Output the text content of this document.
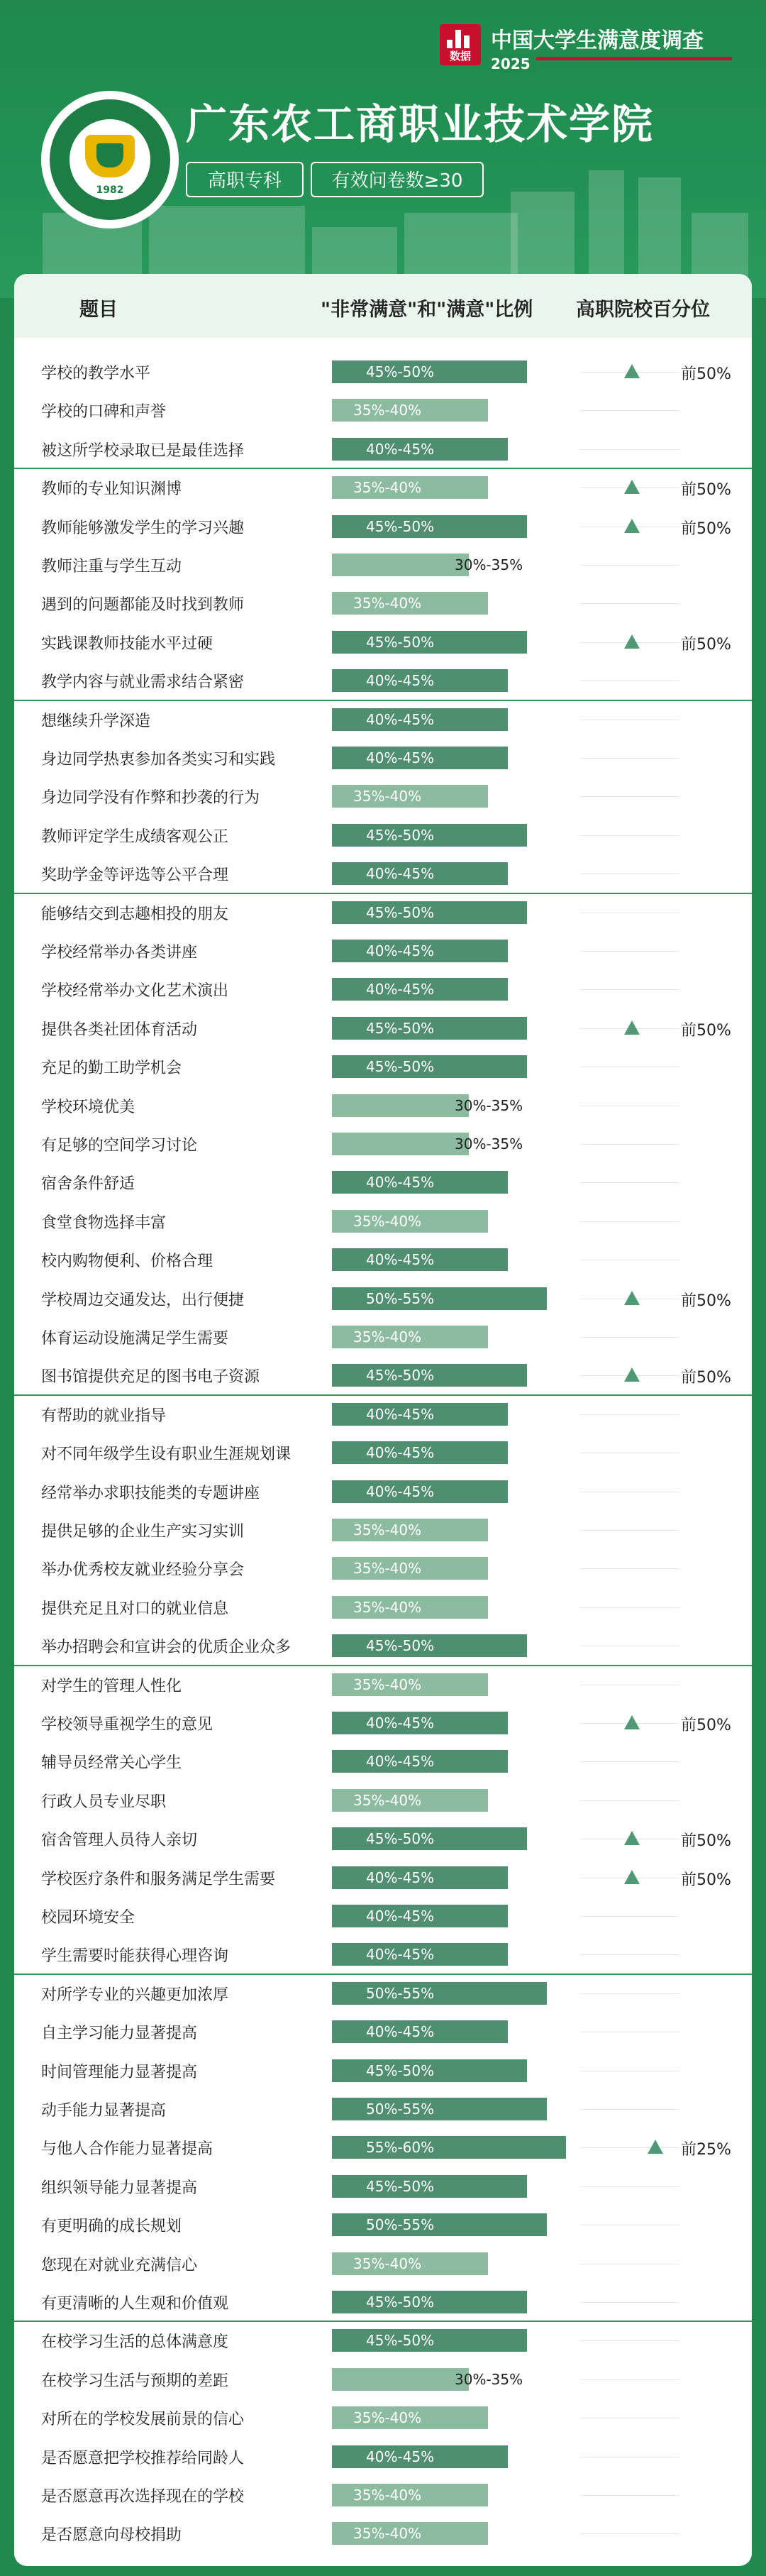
数据
中国大学生满意度调查
2025
1982
广东农工商职业技术学院
高职专科	有效问卷数≥30
题目	"非常满意"和"满意"比例 高职院校百分位
学校的教学水平	45%-50%	前50%
学校的口碑和声誉	35%-40%
被这所学校录取已是最佳选择	40%-45%
教师的专业知识渊博	35%-40%	前50%
教师能够激发学生的学习兴趣	45%-50%	前50%
教师注重与学生互动	30%-35%
遇到的问题都能及时找到教师	35%-40%
实践课教师技能水平过硬	45%-50%	前50%
教学内容与就业需求结合紧密	40%-45%
想继续升学深造	40%-45%
身边同学热衷参加各类实习和实践	40%-45%
身边同学没有作弊和抄袭的行为	35%-40%
教师评定学生成绩客观公正	45%-50%
奖助学金等评选等公平合理	40%-45%
能够结交到志趣相投的朋友	45%-50%
学校经常举办各类讲座	40%-45%
学校经常举办文化艺术演出	40%-45%
提供各类社团体育活动	45%-50%	前50%
充足的勤工助学机会	45%-50%
学校环境优美	30%-35%
有足够的空间学习讨论	30%-35%
宿舍条件舒适	40%-45%
食堂食物选择丰富	35%-40%
校内购物便利、价格合理	40%-45%
学校周边交通发达，出行便捷	50%-55%	前50%
体育运动设施满足学生需要	35%-40%
图书馆提供充足的图书电子资源	45%-50%	前50%
有帮助的就业指导	40%-45%
对不同年级学生设有职业生涯规划课	40%-45%
经常举办求职技能类的专题讲座	40%-45%
提供足够的企业生产实习实训	35%-40%
举办优秀校友就业经验分享会	35%-40%
提供充足且对口的就业信息	35%-40%
举办招聘会和宣讲会的优质企业众多	45%-50%
对学生的管理人性化	35%-40%
学校领导重视学生的意见	40%-45%	前50%
辅导员经常关心学生	40%-45%
行政人员专业尽职	35%-40%
宿舍管理人员待人亲切	45%-50%	前50%
学校医疗条件和服务满足学生需要	40%-45%	前50%
校园环境安全	40%-45%
学生需要时能获得心理咨询	40%-45%
对所学专业的兴趣更加浓厚	50%-55%
自主学习能力显著提高	40%-45%
时间管理能力显著提高	45%-50%
动手能力显著提高	50%-55%
与他人合作能力显著提高	55%-60%	前25%
组织领导能力显著提高	45%-50%
有更明确的成长规划	50%-55%
您现在对就业充满信心	35%-40%
有更清晰的人生观和价值观	45%-50%
在校学习生活的总体满意度	45%-50%
在校学习生活与预期的差距	30%-35%
对所在的学校发展前景的信心	35%-40%
是否愿意把学校推荐给同龄人	40%-45%
是否愿意再次选择现在的学校	35%-40%
是否愿意向母校捐助	35%-40%
